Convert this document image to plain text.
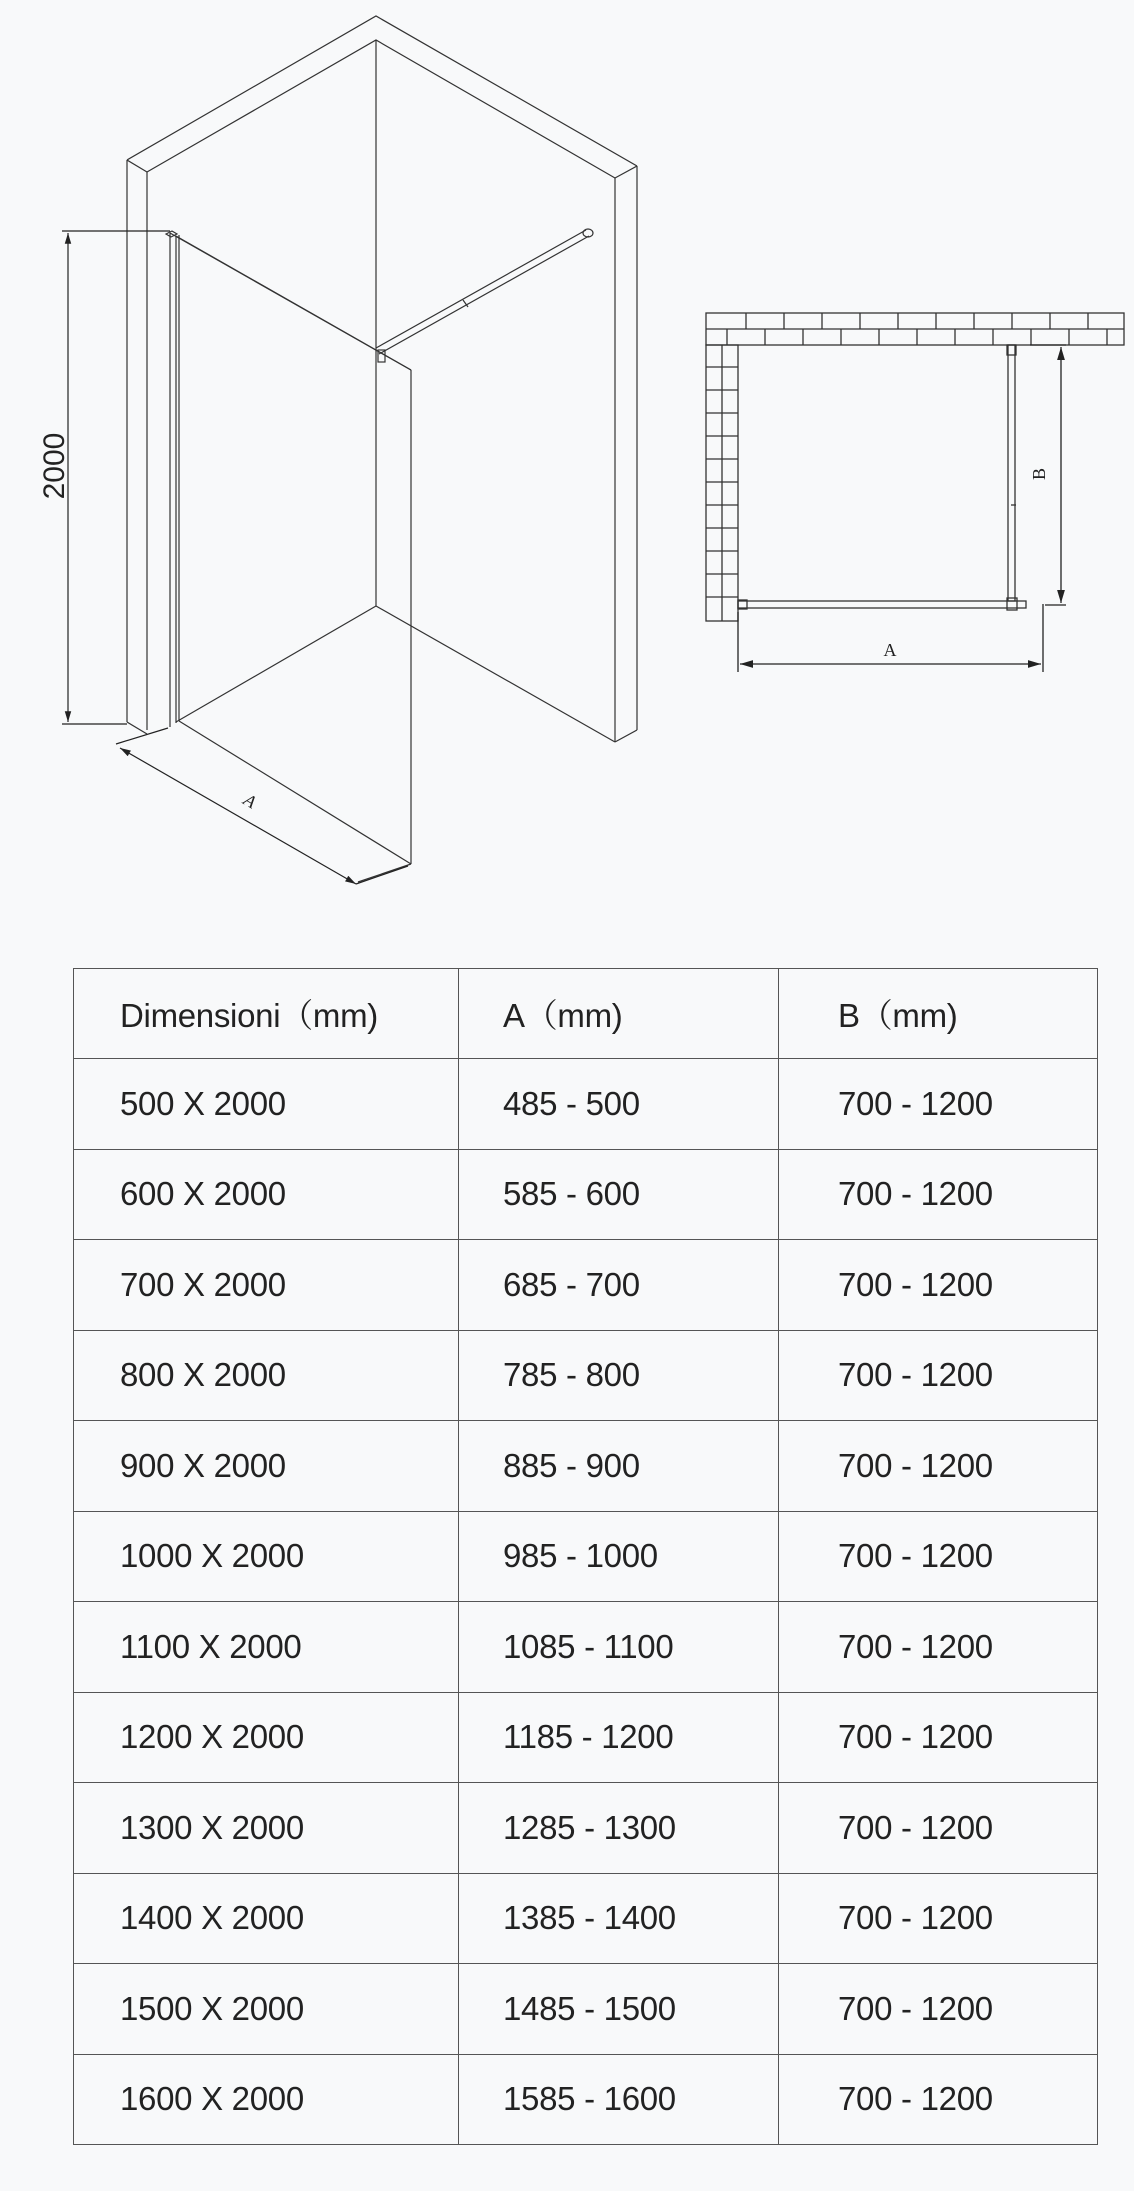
2000
A
A
B
Dimensioni（mm)	A（mm)	B（mm)
500 X 2000	485 - 500	700 - 1200
600 X 2000	585 - 600	700 - 1200
700 X 2000	685 - 700	700 - 1200
800 X 2000	785 - 800	700 - 1200
900 X 2000	885 - 900	700 - 1200
1000 X 2000	985 - 1000	700 - 1200
1100 X 2000	1085 - 1100	700 - 1200
1200 X 2000	1185 - 1200	700 - 1200
1300 X 2000	1285 - 1300	700 - 1200
1400 X 2000	1385 - 1400	700 - 1200
1500 X 2000	1485 - 1500	700 - 1200
1600 X 2000	1585 - 1600	700 - 1200
